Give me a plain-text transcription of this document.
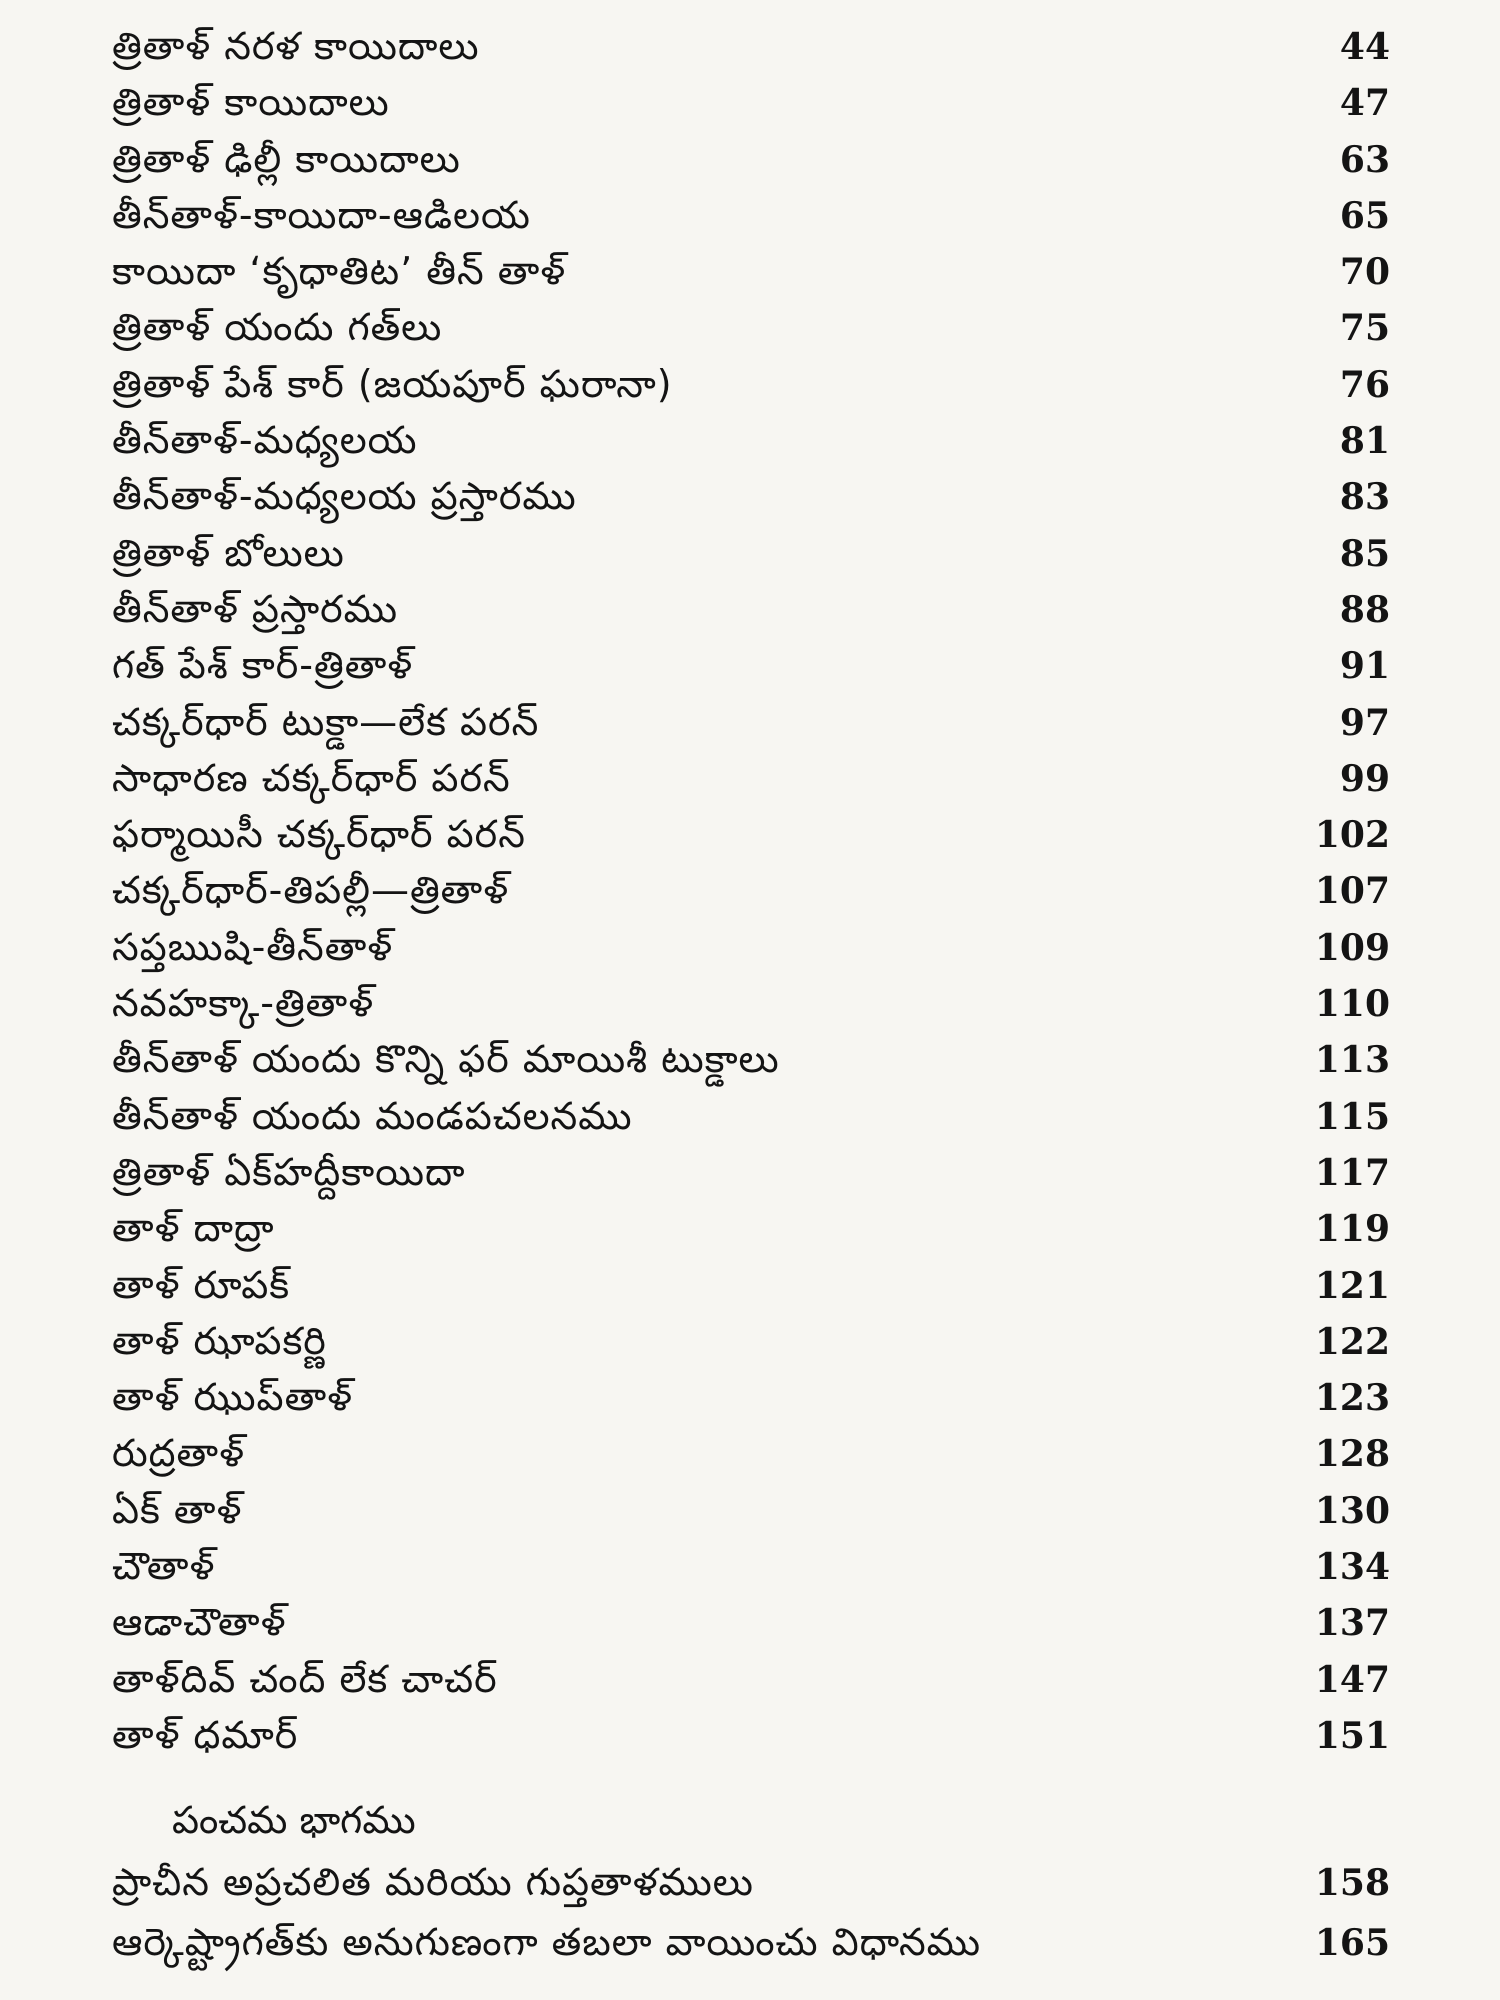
త్రితాళ్ నరళ కాయిదాలు	44
త్రితాళ్ కాయిదాలు	47
త్రితాళ్ ఢిల్లీ కాయిదాలు	63
తీన్‌తాళ్-కాయిదా-ఆడిలయ	65
కాయిదా ‘కృధాతిట’ తీన్ తాళ్	70
త్రితాళ్ యందు గత్‌లు	75
త్రితాళ్ పేశ్ కార్ (జయపూర్ ఘరానా)	76
తీన్‌తాళ్-మధ్యలయ	81
తీన్‌తాళ్-మధ్యలయ ప్రస్తారము	83
త్రితాళ్ బోలులు	85
తీన్‌తాళ్ ప్రస్తారము	88
గత్ పేశ్ కార్-త్రితాళ్	91
చక్కర్‌ధార్ టుక్డా—లేక పరన్	97
సాధారణ చక్కర్‌ధార్ పరన్	99
ఫర్మాయిసీ చక్కర్‌ధార్ పరన్	102
చక్కర్‌ధార్-తిపల్లీ—త్రితాళ్	107
సప్తఋషి-తీన్‌తాళ్	109
నవహక్కా-త్రితాళ్	110
తీన్‌తాళ్ యందు కొన్ని ఫర్ మాయిశీ టుక్డాలు	113
తీన్‌తాళ్ యందు మండపచలనము	115
త్రితాళ్ ఏక్‌హద్దీకాయిదా	117
తాళ్ దాద్రా	119
తాళ్ రూపక్	121
తాళ్ ఝాపకర్ణి	122
తాళ్ ఝుప్‌తాళ్	123
రుద్రతాళ్	128
ఏక్ తాళ్	130
చౌతాళ్	134
ఆడాచౌతాళ్	137
తాళ్‌దివ్ చంద్ లేక చాచర్	147
తాళ్ ధమార్	151
పంచమ భాగము
ప్రాచీన అప్రచలిత మరియు గుప్తతాళములు	158
ఆర్కెష్ట్రాగత్‌కు అనుగుణంగా తబలా వాయించు విధానము	165
